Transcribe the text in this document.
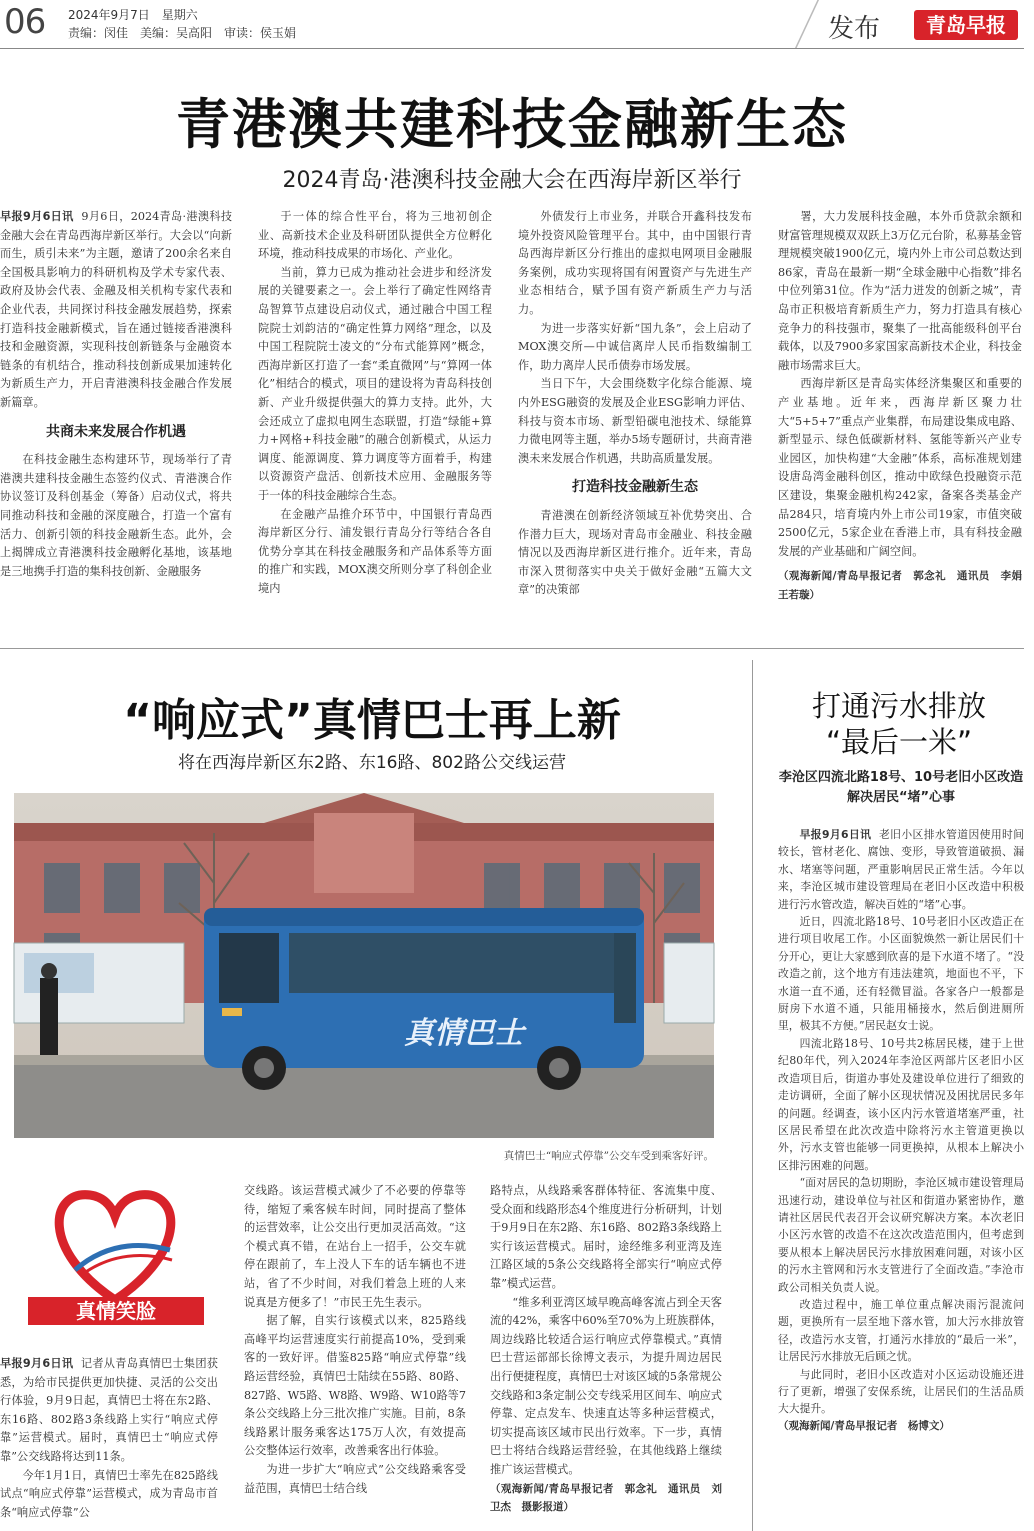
06 2024年9月7日　星期六
责编：闵佳　美编：吴高阳　审读：侯玉娟	发布	青岛早报
青港澳共建科技金融新生态
2024青岛·港澳科技金融大会在西海岸新区举行

早报9月6日讯 9月6日，2024青岛·港澳科技金融大会在青岛西海岸新区举行。大会以“向新而生，质引未来”为主题，邀请了200余名来自全国极具影响力的科研机构及学术专家代表、政府及协会代表、金融及相关机构专家代表和企业代表，共同探讨科技金融发展趋势，探索打造科技金融新模式，旨在通过链接香港澳科技和金融资源，实现科技创新链条与金融资本链条的有机结合，推动科技创新成果加速转化为新质生产力，开启青港澳科技金融合作发展新篇章。

共商未来发展合作机遇

在科技金融生态构建环节，现场举行了青港澳共建科技金融生态签约仪式、青港澳合作协议签订及科创基金（筹备）启动仪式，将共同推动科技和金融的深度融合，打造一个富有活力、创新引领的科技金融新生态。此外，会上揭牌成立青港澳科技金融孵化基地，该基地是三地携手打造的集科技创新、金融服务

于一体的综合性平台，将为三地初创企业、高新技术企业及科研团队提供全方位孵化环境，推动科技成果的市场化、产业化。

当前，算力已成为推动社会进步和经济发展的关键要素之一。会上举行了确定性网络青岛智算节点建设启动仪式，通过融合中国工程院院士刘韵洁的“确定性算力网络”理念，以及中国工程院院士凌文的“分布式能算网”概念，西海岸新区打造了一套“柔直微网”与“算网一体化”相结合的模式，项目的建设将为青岛科技创新、产业升级提供强大的算力支持。此外，大会还成立了虚拟电网生态联盟，打造“绿能+算力+网格+科技金融”的融合创新模式，从运力调度、能源调度、算力调度等方面着手，构建以资源资产盘活、创新技术应用、金融服务等于一体的科技金融综合生态。

在金融产品推介环节中，中国银行青岛西海岸新区分行、浦发银行青岛分行等结合各自优势分享其在科技金融服务和产品体系等方面的推广和实践，MOX澳交所则分享了科创企业境内

外债发行上市业务，并联合开鑫科技发布境外投资风险管理平台。其中，由中国银行青岛西海岸新区分行推出的虚拟电网项目金融服务案例，成功实现将国有闲置资产与先进生产业态相结合，赋予国有资产新质生产力与活力。

为进一步落实好新“国九条”，会上启动了MOX澳交所—中诚信离岸人民币指数编制工作，助力离岸人民币债券市场发展。

当日下午，大会围绕数字化综合能源、境内外ESG融资的发展及企业ESG影响力评估、科技与资本市场、新型铅碳电池技术、绿能算力微电网等主题，举办5场专题研讨，共商青港澳未来发展合作机遇，共助高质量发展。

打造科技金融新生态

青港澳在创新经济领域互补优势突出、合作潜力巨大，现场对青岛市金融业、科技金融情况以及西海岸新区进行推介。近年来，青岛市深入贯彻落实中央关于做好金融“五篇大文章”的决策部

署，大力发展科技金融，本外币贷款余额和财富管理规模双双跃上3万亿元台阶，私募基金管理规模突破1900亿元，境内外上市公司总数达到86家，青岛在最新一期“全球金融中心指数”排名中位列第31位。作为“活力迸发的创新之城”，青岛市正积极培育新质生产力，努力打造具有核心竞争力的科技强市，聚集了一批高能级科创平台载体，以及7900多家国家高新技术企业，科技金融市场需求巨大。

西海岸新区是青岛实体经济集聚区和重要的产业基地。近年来，西海岸新区聚力壮大“5+5+7”重点产业集群，布局建设集成电路、新型显示、绿色低碳新材料、氢能等新兴产业专业园区，加快构建“大金融”体系，高标准规划建设唐岛湾金融科创区，推动中欧绿色投融资示范区建设，集聚金融机构242家，备案各类基金产品284只，培育境内外上市公司19家，市值突破2500亿元，5家企业在香港上市，具有科技金融发展的产业基础和广阔空间。

（观海新闻/青岛早报记者　郭念礼　通讯员　李娟　王若璇）

“响应式”真情巴士再上新
将在西海岸新区东2路、东16路、802路公交线运营
真情巴士
真情巴士“响应式停靠”公交车受到乘客好评。
真情笑脸

早报9月6日讯 记者从青岛真情巴士集团获悉，为给市民提供更加快捷、灵活的公交出行体验，9月9日起，真情巴士将在东2路、东16路、802路3条线路上实行“响应式停靠”运营模式。届时，真情巴士“响应式停靠”公交线路将达到11条。

今年1月1日，真情巴士率先在825路线试点“响应式停靠”运营模式，成为青岛市首条“响应式停靠”公

交线路。该运营模式减少了不必要的停靠等待，缩短了乘客候车时间，同时提高了整体的运营效率，让公交出行更加灵活高效。“这个模式真不错，在站台上一招手，公交车就停在跟前了，车上没人下车的话车辆也不进站，省了不少时间，对我们着急上班的人来说真是方便多了！”市民王先生表示。

据了解，自实行该模式以来，825路线高峰平均运营速度实行前提高10%，受到乘客的一致好评。借鉴825路“响应式停靠”线路运营经验，真情巴士陆续在55路、80路、827路、W5路、W8路、W9路、W10路等7条公交线路上分三批次推广实施。目前，8条线路累计服务乘客达175万人次，有效提高公交整体运行效率，改善乘客出行体验。

为进一步扩大“响应式”公交线路乘客受益范围，真情巴士结合线

路特点，从线路乘客群体特征、客流集中度、受众面和线路形态4个维度进行分析研判，计划于9月9日在东2路、东16路、802路3条线路上实行该运营模式。届时，途经维多利亚湾及连江路区域的5条公交线路将全部实行“响应式停靠”模式运营。

“维多利亚湾区域早晚高峰客流占到全天客流的42%，乘客中60%至70%为上班族群体，周边线路比较适合运行响应式停靠模式。”真情巴士营运部部长徐博文表示，为提升周边居民出行便捷程度，真情巴士对该区域的5条常规公交线路和3条定制公交专线采用区间车、响应式停靠、定点发车、快速直达等多种运营模式，切实提高该区域市民出行效率。下一步，真情巴士将结合线路运营经验，在其他线路上继续推广该运营模式。

（观海新闻/青岛早报记者　郭念礼　通讯员　刘卫杰　摄影报道）

打通污水排放
“最后一米”
李沧区四流北路18号、10号老旧小区改造解决居民“堵”心事

早报9月6日讯 老旧小区排水管道因使用时间较长，管材老化、腐蚀、变形，导致管道破损、漏水、堵塞等问题，严重影响居民正常生活。今年以来，李沧区城市建设管理局在老旧小区改造中积极进行污水管改造，解决百姓的“堵”心事。

近日，四流北路18号、10号老旧小区改造正在进行项目收尾工作。小区面貌焕然一新让居民们十分开心，更让大家感到欣喜的是下水道不堵了。“没改造之前，这个地方有违法建筑，地面也不平，下水道一直不通，还有轻微冒溢。各家各户一般都是厨房下水道不通，只能用桶接水，然后倒进厕所里，极其不方便。”居民赵女士说。

四流北路18号、10号共2栋居民楼，建于上世纪80年代，列入2024年李沧区两部片区老旧小区改造项目后，街道办事处及建设单位进行了细致的走访调研，全面了解小区现状情况及困扰居民多年的问题。经调查，该小区内污水管道堵塞严重，社区居民希望在此次改造中除将污水主管道更换以外，污水支管也能够一同更换掉，从根本上解决小区排污困难的问题。

“面对居民的急切期盼，李沧区城市建设管理局迅速行动，建设单位与社区和街道办紧密协作，邀请社区居民代表召开会议研究解决方案。本次老旧小区污水管的改造不在这次改造范围内，但考虑到要从根本上解决居民污水排放困难问题，对该小区的污水主管网和污水支管进行了全面改造。”李沧市政公司相关负责人说。

改造过程中，施工单位重点解决雨污混流问题，更换所有一层至地下落水管，加大污水排放管径，改造污水支管，打通污水排放的“最后一米”，让居民污水排放无后顾之忧。

与此同时，老旧小区改造对小区运动设施还进行了更新，增强了安保系统，让居民们的生活品质大大提升。

（观海新闻/青岛早报记者　杨博文）
